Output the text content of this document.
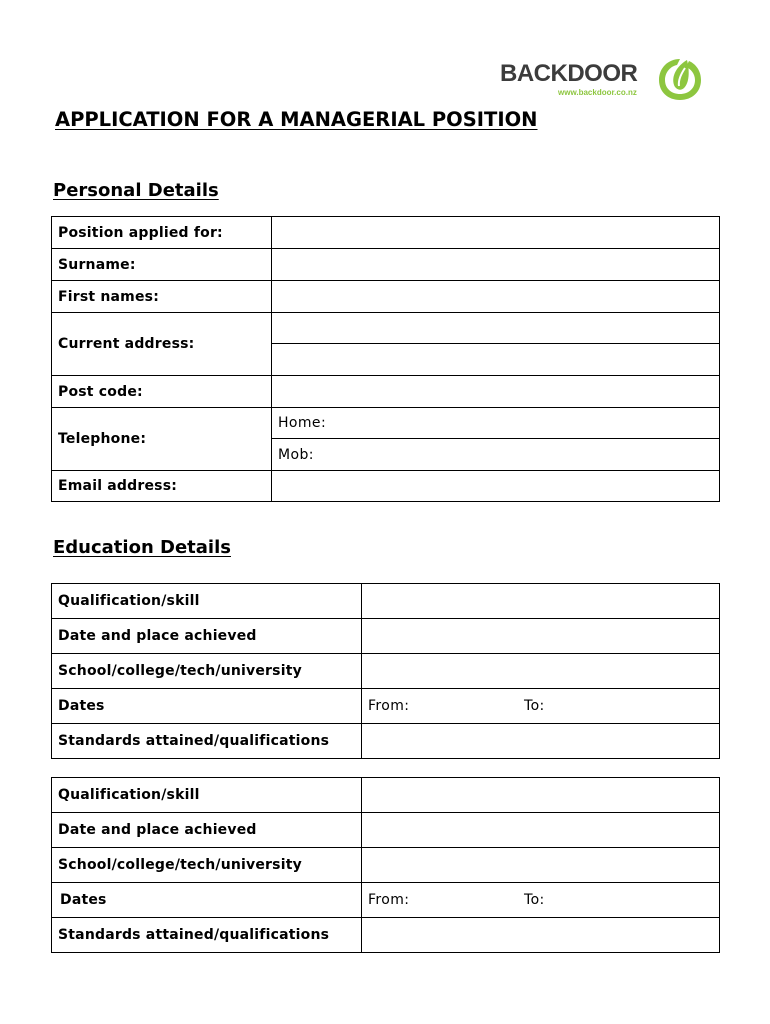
BACKDOOR
www.backdoor.co.nz
APPLICATION FOR A MANAGERIAL POSITION
Personal Details
Position applied for:	
Surname:	
First names:	
Current address:	

Post code:	
Telephone:	Home:
	Mob:
Email address:	
Education Details
Qualification/skill	
Date and place achieved	
School/college/tech/university	
Dates	From: To:

Standards attained/qualifications	
Qualification/skill	
Date and place achieved	
School/college/tech/university	
Dates	From: To:

Standards attained/qualifications	
